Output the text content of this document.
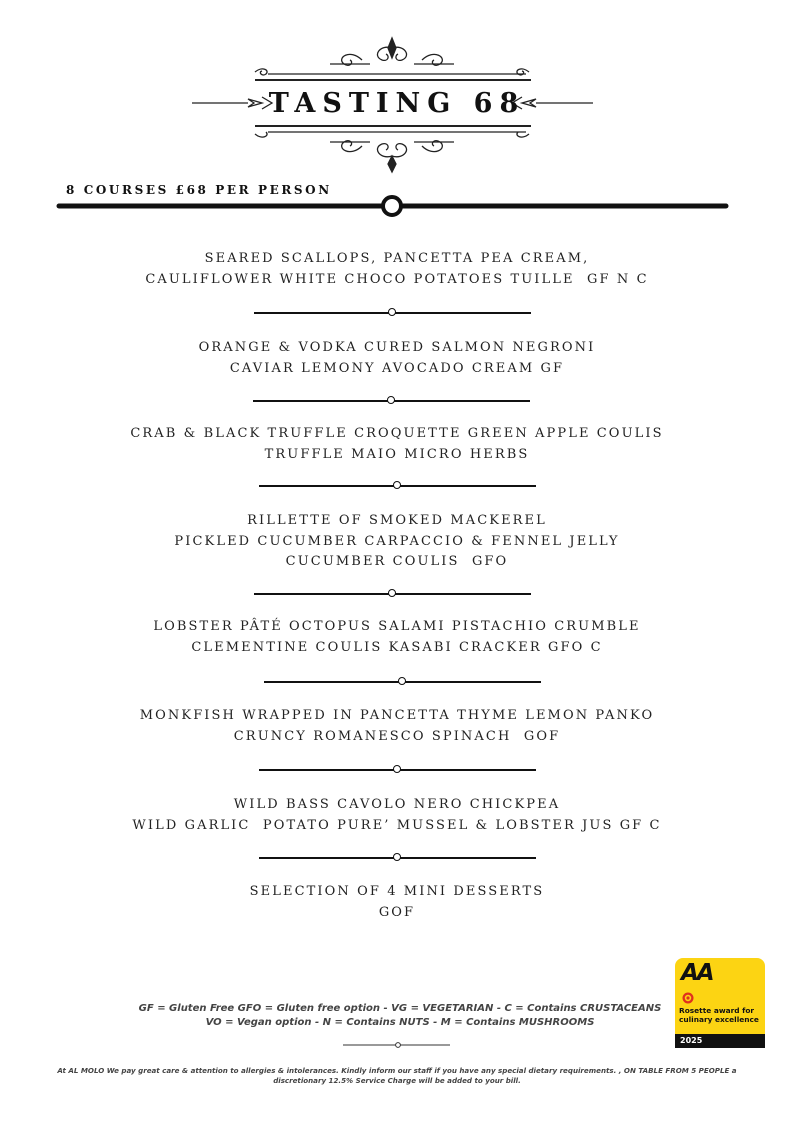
TASTING 68
8 COURSES £68 PER PERSON
SEARED SCALLOPS, PANCETTA PEA CREAM,
CAULIFLOWER WHITE CHOCO POTATOES TUILLE  GF N C
ORANGE & VODKA CURED SALMON NEGRONI
CAVIAR LEMONY AVOCADO CREAM GF
CRAB & BLACK TRUFFLE CROQUETTE GREEN APPLE COULIS
TRUFFLE MAIO MICRO HERBS
RILLETTE OF SMOKED MACKEREL
PICKLED CUCUMBER CARPACCIO & FENNEL JELLY
CUCUMBER COULIS  GFO
LOBSTER PÂTÉ OCTOPUS SALAMI PISTACHIO CRUMBLE
CLEMENTINE COULIS KASABI CRACKER GFO C
MONKFISH WRAPPED IN PANCETTA THYME LEMON PANKO
CRUNCY ROMANESCO SPINACH  GOF
WILD BASS CAVOLO NERO CHICKPEA
WILD GARLIC  POTATO PURE’ MUSSEL & LOBSTER JUS GF C
SELECTION OF 4 MINI DESSERTS
GOF
GF = Gluten Free GFO = Gluten free option - VG = VEGETARIAN - C = Contains CRUSTACEANS
VO = Vegan option - N = Contains NUTS - M = Contains MUSHROOMS
At AL MOLO We pay great care & attention to allergies & intolerances. Kindly inform our staff if you have any special dietary requirements. , ON TABLE FROM 5 PEOPLE a discretionary 12.5% Service Charge will be added to your bill.
AA
Rosette award for culinary excellence
2025
